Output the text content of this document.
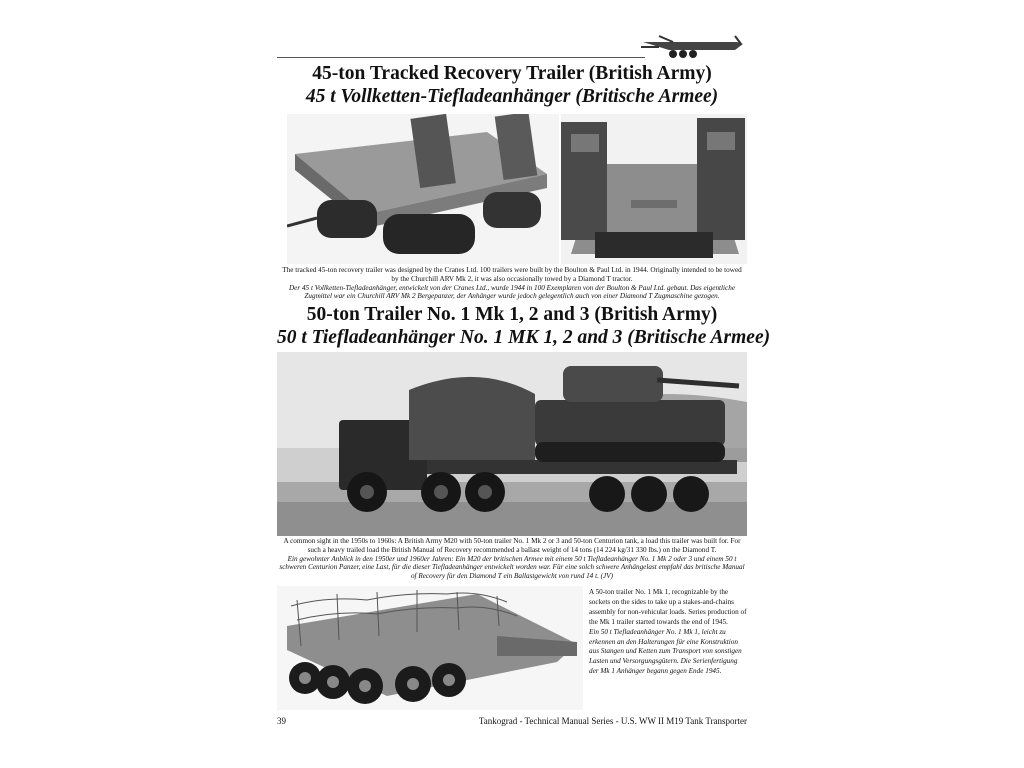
45-ton Tracked Recovery Trailer (British Army)
45 t Vollketten-Tiefladeanhänger (Britische Armee)
The tracked 45-ton recovery trailer was designed by the Cranes Ltd. 100 trailers were built by the Boulton & Paul Ltd. in 1944. Originally intended to be towed by the Churchill ARV Mk 2, it was also occasionally towed by a Diamond T tractor.
Der 45 t Vollketten-Tiefladeanhänger, entwickelt von der Cranes Ltd., wurde 1944 in 100 Exemplaren von der Boulton & Paul Ltd. gebaut. Das eigentliche Zugmittel war ein Churchill ARV Mk 2 Bergepanzer, der Anhänger wurde jedoch gelegentlich auch von einer Diamond T Zugmaschine gezogen.
50-ton Trailer No. 1 Mk 1, 2 and 3 (British Army)
50 t Tiefladeanhänger No. 1 MK 1, 2 and 3 (Britische Armee)
A common sight in the 1950s to 1960s: A British Army M20 with 50-ton trailer No. 1 Mk 2 or 3 and 50-ton Centurion tank, a load this trailer was built for. For such a heavy trailed load the British Manual of Recovery recommended a ballast weight of 14 tons (14 224 kg/31 330 lbs.) on the Diamond T.
Ein gewohnter Anblick in den 1950er und 1960er Jahren: Ein M20 der britischen Armee mit einem 50 t Tiefladeanhänger No. 1 Mk 2 oder 3 und einem 50 t schweren Centurion Panzer, eine Last, für die dieser Tiefladeanhänger entwickelt worden war. Für eine solch schwere Anhängelast empfahl das britische Manual of Recovery für den Diamond T ein Ballastgewicht von rund 14 t. (JV)
A 50-ton trailer No. 1 Mk 1, recognizable by the sockets on the sides to take up a stakes-and-chains assembly for non-vehicular loads. Series production of the Mk 1 trailer started towards the end of 1945.
Ein 50 t Tiefladeanhänger No. 1 Mk 1, leicht zu erkennen an den Halterungen für eine Konstruktion aus Stangen und Ketten zum Transport von sonstigen Lasten und Versorgungsgütern. Die Serienfertigung der Mk 1 Anhänger begann gegen Ende 1945.
39	Tankograd - Technical Manual Series - U.S. WW II M19 Tank Transporter
